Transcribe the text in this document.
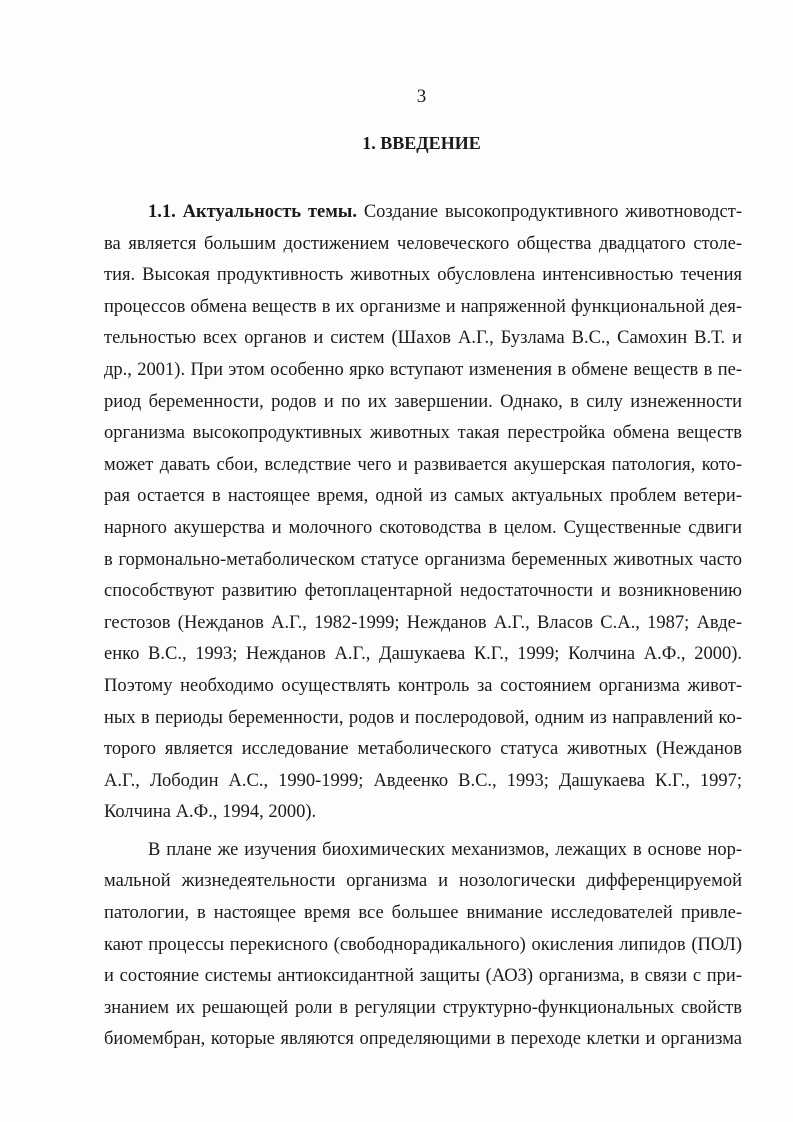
3
1. ВВЕДЕНИЕ
1.1. Актуальность темы. Создание высокопродуктивного животноводст-
ва является большим достижением человеческого общества двадцатого столе-
тия. Высокая продуктивность животных обусловлена интенсивностью течения
процессов обмена веществ в их организме и напряженной функциональной дея-
тельностью всех органов и систем (Шахов А.Г., Бузлама B.C., Самохин В.Т. и
др., 2001). При этом особенно ярко вступают изменения в обмене веществ в пе-
риод беременности, родов и по их завершении. Однако, в силу изнеженности
организма высокопродуктивных животных такая перестройка обмена веществ
может давать сбои, вследствие чего и развивается акушерская патология, кото-
рая остается в настоящее время, одной из самых актуальных проблем ветери-
нарного акушерства и молочного скотоводства в целом. Существенные сдвиги
в гормонально-метаболическом статусе организма беременных животных часто
способствуют развитию фетоплацентарной недостаточности и возникновению
гестозов (Нежданов А.Г., 1982-1999; Нежданов А.Г., Власов С.А., 1987; Авде-
енко B.C., 1993; Нежданов А.Г., Дашукаева К.Г., 1999; Колчина А.Ф., 2000).
Поэтому необходимо осуществлять контроль за состоянием организма живот-
ных в периоды беременности, родов и послеродовой, одним из направлений ко-
торого является исследование метаболического статуса животных (Нежданов
А.Г., Лободин А.С., 1990-1999; Авдеенко B.C., 1993; Дашукаева К.Г., 1997;
Колчина А.Ф., 1994, 2000).
В плане же изучения биохимических механизмов, лежащих в основе нор-
мальной жизнедеятельности организма и нозологически дифференцируемой
патологии, в настоящее время все большее внимание исследователей привле-
кают процессы перекисного (свободнорадикального) окисления липидов (ПОЛ)
и состояние системы антиоксидантной защиты (АОЗ) организма, в связи с при-
знанием их решающей роли в регуляции структурно-функциональных свойств
биомембран, которые являются определяющими в переходе клетки и организма
